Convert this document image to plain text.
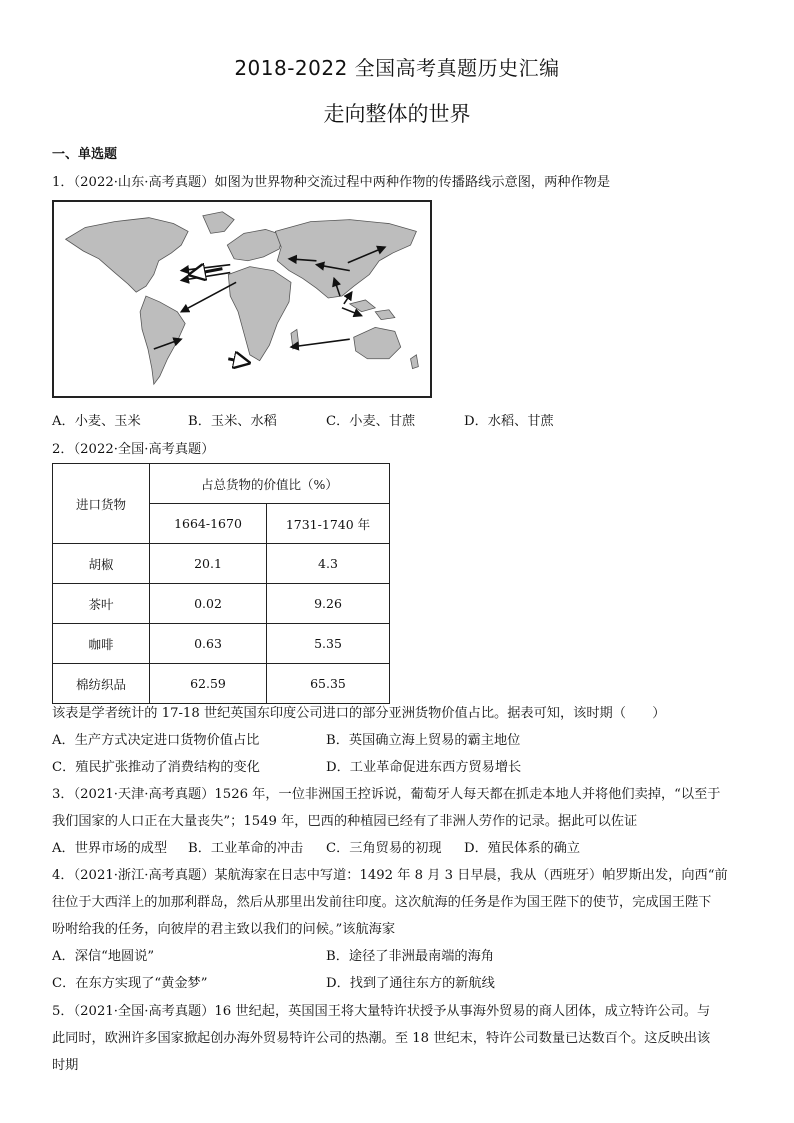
2018-2022 全国高考真题历史汇编
走向整体的世界
一、单选题
1．（2022·山东·高考真题）如图为世界物种交流过程中两种作物的传播路线示意图，两种作物是
A．小麦、玉米	B．玉米、水稻	C．小麦、甘蔗	D．水稻、甘蔗
2．（2022·全国·高考真题）
进口货物	占总货物的价值比（%）	
	1664-1670	1731-1740 年
胡椒	20.1	4.3
茶叶	0.02	9.26
咖啡	0.63	5.35
棉纺织品	62.59	65.35
该表是学者统计的 17-18 世纪英国东印度公司进口的部分亚洲货物价值占比。据表可知，该时期（　　）
A．生产方式决定进口货物价值占比	B．英国确立海上贸易的霸主地位
C．殖民扩张推动了消费结构的变化	D．工业革命促进东西方贸易增长
3．（2021·天津·高考真题）1526 年，一位非洲国王控诉说，葡萄牙人每天都在抓走本地人并将他们卖掉，“以至于
我们国家的人口正在大量丧失”；1549 年，巴西的种植园已经有了非洲人劳作的记录。据此可以佐证
A．世界市场的成型 B．工业革命的冲击 C．三角贸易的初现 D．殖民体系的确立
4．（2021·浙江·高考真题）某航海家在日志中写道：1492 年 8 月 3 日早晨，我从（西班牙）帕罗斯出发，向西“前
往位于大西洋上的加那利群岛，然后从那里出发前往印度。这次航海的任务是作为国王陛下的使节，完成国王陛下
吩咐给我的任务，向彼岸的君主致以我们的问候。”该航海家
A．深信“地圆说”	B．途径了非洲最南端的海角
C．在东方实现了“黄金梦”	D．找到了通往东方的新航线
5．（2021·全国·高考真题）16 世纪起，英国国王将大量特许状授予从事海外贸易的商人团体，成立特许公司。与
此同时，欧洲许多国家掀起创办海外贸易特许公司的热潮。至 18 世纪末，特许公司数量已达数百个。这反映出该
时期
